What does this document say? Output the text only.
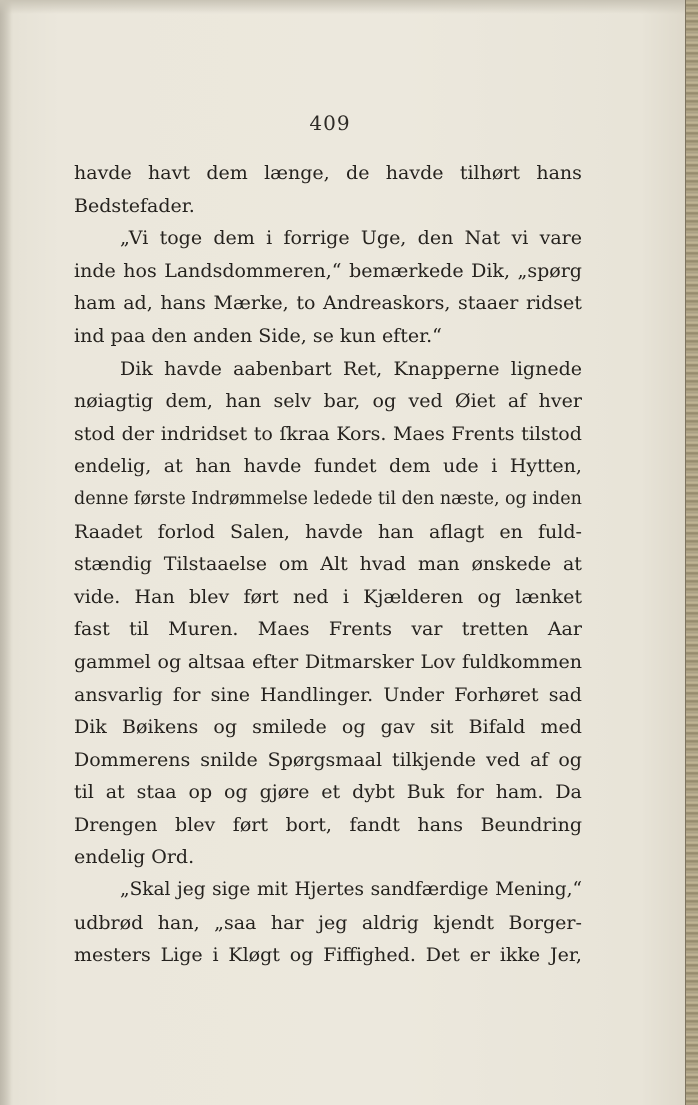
409
havde havt dem længe, de havde tilhørt hans
Bedstefader.
„Vi toge dem i forrige Uge, den Nat vi vare
inde hos Landsdommeren,“ bemærkede Dik, „spørg
ham ad, hans Mærke, to Andreaskors, staaer ridset
ind paa den anden Side, se kun efter.“
Dik havde aabenbart Ret, Knapperne lignede
nøiagtig dem, han selv bar, og ved Øiet af hver
stod der indridset to ſkraa Kors. Maes Frents tilstod
endelig, at han havde fundet dem ude i Hytten,
denne første Indrømmelse ledede til den næste, og inden
Raadet forlod Salen, havde han aflagt en fuld-
stændig Tilstaaelse om Alt hvad man ønskede at
vide. Han blev ført ned i Kjælderen og lænket
fast til Muren. Maes Frents var tretten Aar
gammel og altsaa efter Ditmarsker Lov fuldkommen
ansvarlig for sine Handlinger. Under Forhøret sad
Dik Bøikens og smilede og gav sit Bifald med
Dommerens snilde Spørgsmaal tilkjende ved af og
til at staa op og gjøre et dybt Buk for ham. Da
Drengen blev ført bort, fandt hans Beundring
endelig Ord.
„Skal jeg sige mit Hjertes sandfærdige Mening,“
udbrød han, „saa har jeg aldrig kjendt Borger-
mesters Lige i Kløgt og Fiffighed. Det er ikke Jer,
